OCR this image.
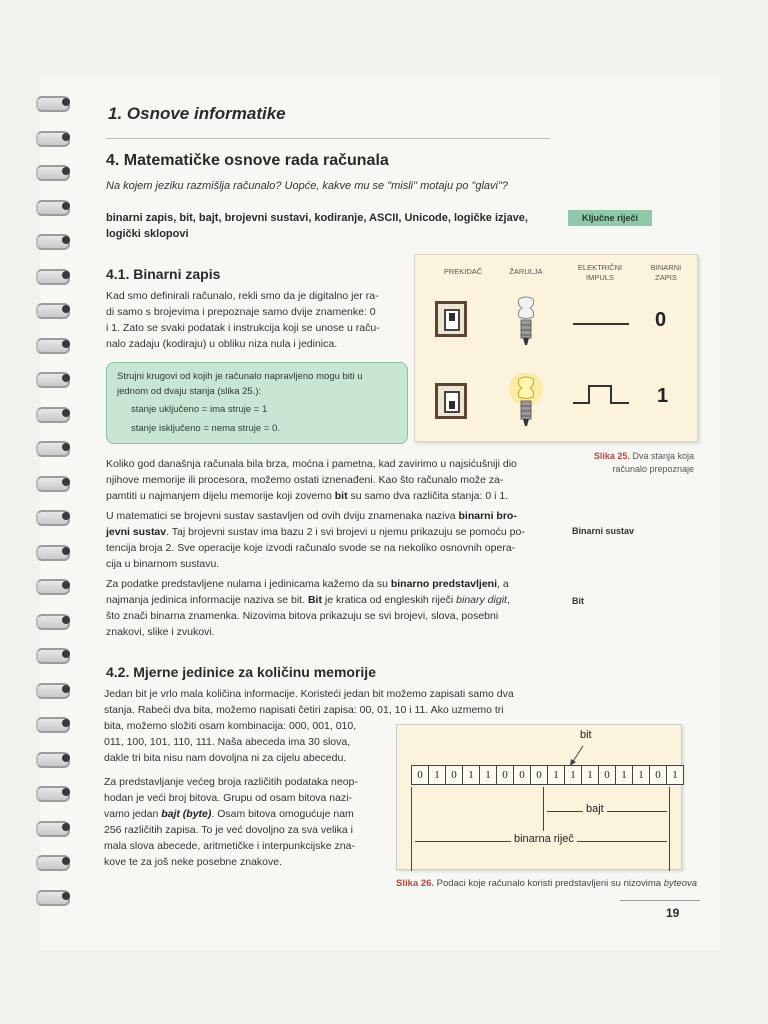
1. Osnove informatike
4. Matematičke osnove rada računala
Na kojem jeziku razmišlja računalo? Uopće, kakve mu se "misli" motaju po "glavi"?
binarni zapis, bit, bajt, brojevni sustavi, kodiranje, ASCII, Unicode, logičke izjave,
logički sklopovi
Ključne riječi
4.1. Binarni zapis
Kad smo definirali računalo, rekli smo da je digitalno jer ra-
di samo s brojevima i prepoznaje samo dvije znamenke: 0
i 1. Zato se svaki podatak i instrukcija koji se unose u raču-
nalo zadaju (kodiraju) u obliku niza nula i jedinica.
Strujni krugovi od kojih je računalo napravljeno mogu biti u
jednom od dvaju stanja (slika 25.):
stanje uključeno = ima struje = 1
stanje isključeno = nema struje = 0.
PREKIDAČ	ŽARULJA	ELEKTRIČNI IMPULS
BINARNI ZAPIS
0
1
Slika 25. Dva stanja koja
računalo prepoznaje
Koliko god današnja računala bila brza, moćna i pametna, kad zavirimo u najsićušniji dio
njihove memorije ili procesora, možemo ostati iznenađeni. Kao što računalo može za-
pamtiti u najmanjem dijelu memorije koji zovemo bit su samo dva različita stanja: 0 i 1.
U matematici se brojevni sustav sastavljen od ovih dviju znamenaka naziva binarni bro-
jevni sustav. Taj brojevni sustav ima bazu 2 i svi brojevi u njemu prikazuju se pomoću po-
tencija broja 2. Sve operacije koje izvodi računalo svode se na nekoliko osnovnih opera-
cija u binarnom sustavu.
Binarni sustav
Za podatke predstavljene nulama i jedinicama kažemo da su binarno predstavljeni, a
najmanja jedinica informacije naziva se bit. Bit je kratica od engleskih riječi binary digit,
što znači binarna znamenka. Nizovima bitova prikazuju se svi brojevi, slova, posebni
znakovi, slike i zvukovi.
Bit
4.2. Mjerne jedinice za količinu memorije
Jedan bit je vrlo mala količina informacije. Koristeći jedan bit možemo zapisati samo dva
stanja. Rabeći dva bita, možemo napisati četiri zapisa: 00, 01, 10 i 11. Ako uzmemo tri
bita, možemo složiti osam kombinacija: 000, 001, 010,
011, 100, 101, 110, 111. Naša abeceda ima 30 slova,
dakle tri bita nisu nam dovoljna ni za cijelu abecedu.
Za predstavljanje većeg broja različitih podataka neop-
hodan je veći broj bitova. Grupu od osam bitova nazi-
vamo jedan bajt (byte). Osam bitova omogućuje nam
256 različitih zapisa. To je već dovoljno za sva velika i
mala slova abecede, aritmetičke i interpunkcijske zna-
kove te za još neke posebne znakove.
bit
0	1	0	1	1	0	0	0	1	1	1	0	1	1	0	1
bajt
binarna riječ
Slika 26. Podaci koje računalo koristi predstavljeni su nizovima byteova
19
